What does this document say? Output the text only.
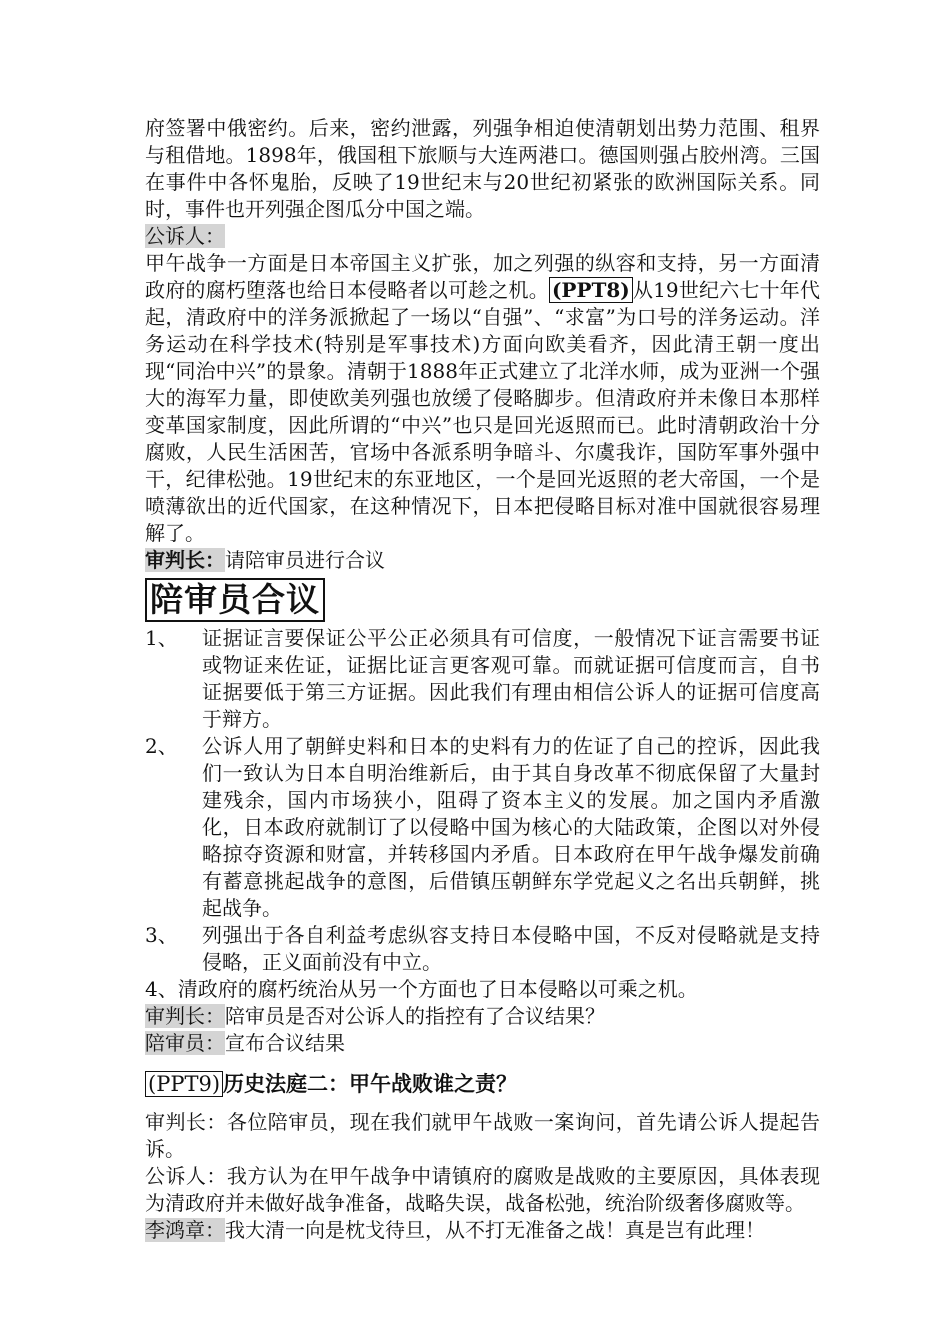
府签署中俄密约。后来，密约泄露，列强争相迫使清朝划出势力范围、租界与租借地。1898年，俄国租下旅顺与大连两港口。德国则强占胶州湾。三国在事件中各怀鬼胎，反映了19世纪末与20世纪初紧张的欧洲国际关系。同时，事件也开列强企图瓜分中国之端。

公诉人：

甲午战争一方面是日本帝国主义扩张，加之列强的纵容和支持，另一方面清政府的腐朽堕落也给日本侵略者以可趁之机。 (PPT8) 从19世纪六七十年代起，清政府中的洋务派掀起了一场以“自强”、“求富”为口号的洋务运动。洋务运动在科学技术(特别是军事技术)方面向欧美看齐，因此清王朝一度出现“同治中兴”的景象。清朝于1888年正式建立了北洋水师，成为亚洲一个强大的海军力量，即使欧美列强也放缓了侵略脚步。但清政府并未像日本那样变革国家制度，因此所谓的“中兴”也只是回光返照而已。此时清朝政治十分腐败，人民生活困苦，官场中各派系明争暗斗、尔虞我诈，国防军事外强中干，纪律松弛。19世纪末的东亚地区，一个是回光返照的老大帝国，一个是喷薄欲出的近代国家，在这种情况下，日本把侵略目标对准中国就很容易理解了。

审判长：请陪审员进行合议

陪审员合议
1、	证据证言要保证公平公正必须具有可信度，一般情况下证言需要书证或物证来佐证，证据比证言更客观可靠。而就证据可信度而言，自书证据要低于第三方证据。因此我们有理由相信公诉人的证据可信度高于辩方。
2、	公诉人用了朝鲜史料和日本的史料有力的佐证了自己的控诉，因此我们一致认为日本自明治维新后，由于其自身改革不彻底保留了大量封建残余，国内市场狭小，阻碍了资本主义的发展。加之国内矛盾激化，日本政府就制订了以侵略中国为核心的大陆政策，企图以对外侵略掠夺资源和财富，并转移国内矛盾。日本政府在甲午战争爆发前确有蓄意挑起战争的意图，后借镇压朝鲜东学党起义之名出兵朝鲜，挑起战争。
3、	列强出于各自利益考虑纵容支持日本侵略中国，不反对侵略就是支持侵略，正义面前没有中立。

4、清政府的腐朽统治从另一个方面也了日本侵略以可乘之机。

审判长：陪审员是否对公诉人的指控有了合议结果？

陪审员：宣布合议结果

(PPT9) 历史法庭二：甲午战败谁之责？

审判长：各位陪审员，现在我们就甲午战败一案询问，首先请公诉人提起告诉。

公诉人：我方认为在甲午战争中请镇府的腐败是战败的主要原因，具体表现为清政府并未做好战争准备，战略失误，战备松弛，统治阶级奢侈腐败等。

李鸿章：我大清一向是枕戈待旦，从不打无准备之战！真是岂有此理！
